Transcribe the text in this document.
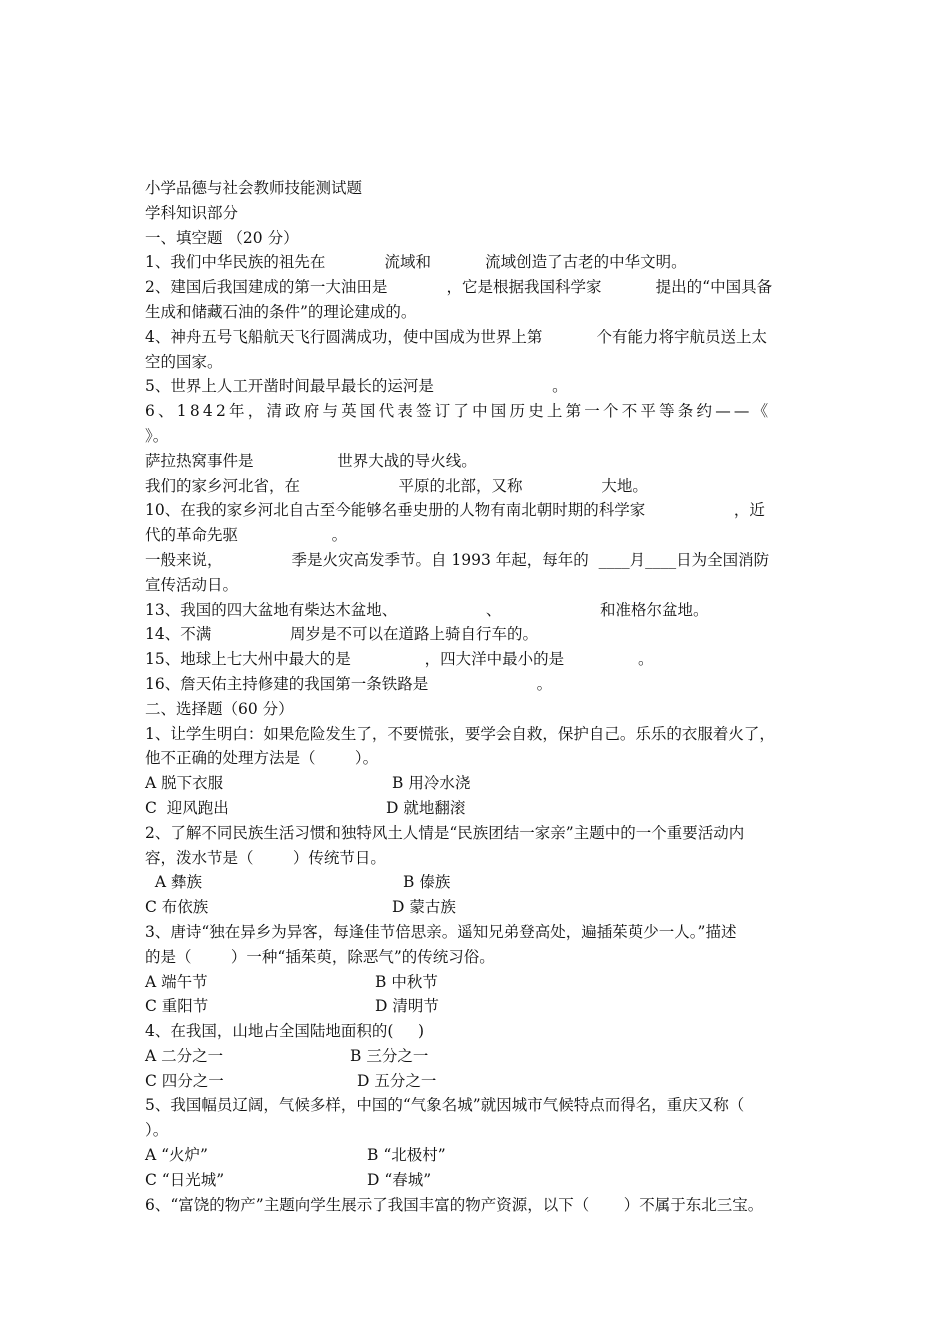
小学品德与社会教师技能测试题
学科知识部分
一、填空题 （20 分）
1、我们中华民族的祖先在            流域和           流域创造了古老的中华文明。
2、建国后我国建成的第一大油田是            ，它是根据我国科学家           提出的“中国具备
生成和储藏石油的条件”的理论建成的。
4、神舟五号飞船航天飞行圆满成功，使中国成为世界上第           个有能力将宇航员送上太
空的国家。
5、世界上人工开凿时间最早最长的运河是                        。
6、1842年，清政府与英国代表签订了中国历史上第一个不平等条约——《
》。
萨拉热窝事件是                 世界大战的导火线。
我们的家乡河北省，在                    平原的北部，又称                大地。
10、在我的家乡河北自古至今能够名垂史册的人物有南北朝时期的科学家                  ，近
代的革命先驱                   。
一般来说，              季是火灾高发季节。自 1993 年起，每年的  ____月____日为全国消防
宣传活动日。
13、我国的四大盆地有柴达木盆地、                  、                    和准格尔盆地。
14、不满                周岁是不可以在道路上骑自行车的。
15、地球上七大州中最大的是               ，四大洋中最小的是               。
16、詹天佑主持修建的我国第一条铁路是                      。
二、选择题（60 分）
1、让学生明白：如果危险发生了，不要慌张，要学会自救，保护自己。乐乐的衣服着火了，
他不正确的处理方法是（        ）。

A 脱下衣服

	B 用冷水浇

C  迎风跑出

	D 就地翻滚

2、了解不同民族生活习惯和独特风土人情是“民族团结一家亲”主题中的一个重要活动内
容，泼水节是（        ）传统节日。

A 彝族

	B 傣族

C 布依族

	D 蒙古族

3、唐诗“独在异乡为异客，每逢佳节倍思亲。遥知兄弟登高处，遍插茱萸少一人。”描述
的是（        ）一种“插茱萸，除恶气”的传统习俗。

A 端午节

	B 中秋节

C 重阳节

	D 清明节

4、在我国，山地占全国陆地面积的(     )

A 二分之一

	B 三分之一

C 四分之一

	D 五分之一

5、我国幅员辽阔，气候多样，中国的“气象名城”就因城市气候特点而得名，重庆又称（
）。

A “火炉”

	B “北极村”

C “日光城”

	D “春城”

6、“富饶的物产”主题向学生展示了我国丰富的物产资源，以下（       ）不属于东北三宝。
